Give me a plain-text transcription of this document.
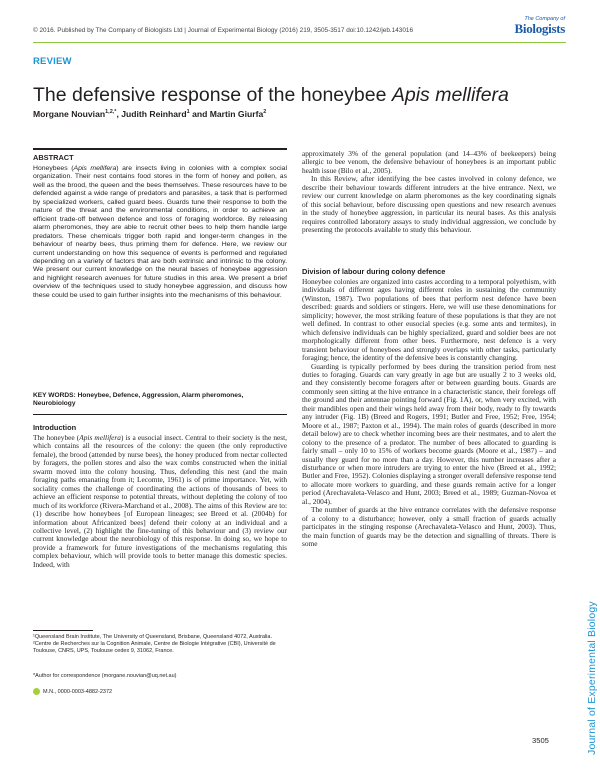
© 2016. Published by The Company of Biologists Ltd | Journal of Experimental Biology (2016) 219, 3505-3517 doi:10.1242/jeb.143016
The Company of
Biologists
REVIEW
The defensive response of the honeybee Apis mellifera
Morgane Nouvian$^{1,2,*}$, Judith Reinhard$^1$ and Martin Giurfa$^2$
ABSTRACT
Honeybees (Apis mellifera) are insects living in colonies with a complex social organization. Their nest contains food stores in the form of honey and pollen, as well as the brood, the queen and the bees themselves. These resources have to be defended against a wide range of predators and parasites, a task that is performed by specialized workers, called guard bees. Guards tune their response to both the nature of the threat and the environmental conditions, in order to achieve an efficient trade-off between defence and loss of foraging workforce. By releasing alarm pheromones, they are able to recruit other bees to help them handle large predators. These chemicals trigger both rapid and longer-term changes in the behaviour of nearby bees, thus priming them for defence. Here, we review our current understanding on how this sequence of events is performed and regulated depending on a variety of factors that are both extrinsic and intrinsic to the colony. We present our current knowledge on the neural bases of honeybee aggression and highlight research avenues for future studies in this area. We present a brief overview of the techniques used to study honeybee aggression, and discuss how these could be used to gain further insights into the mechanisms of this behaviour.
KEY WORDS: Honeybee, Defence, Aggression, Alarm pheromones, Neurobiology
Introduction

The honeybee (Apis mellifera) is a eusocial insect. Central to their society is the nest, which contains all the resources of the colony: the queen (the only reproductive female), the brood (attended by nurse bees), the honey produced from nectar collected by foragers, the pollen stores and also the wax combs constructed when the initial swarm moved into the colony housing. Thus, defending this nest (and the main foraging paths emanating from it; Lecomte, 1961) is of prime importance. Yet, with sociality comes the challenge of coordinating the actions of thousands of bees to achieve an efficient response to potential threats, without depleting the colony of too much of its workforce (Rivera-Marchand et al., 2008). The aims of this Review are to: (1) describe how honeybees [of European lineages; see Breed et al. (2004b) for information about Africanized bees] defend their colony at an individual and a collective level, (2) highlight the fine-tuning of this behaviour and (3) review our current knowledge about the neurobiology of this response. In doing so, we hope to provide a framework for future investigations of the mechanisms regulating this complex behaviour, which will provide tools to better manage this domestic species. Indeed, with

¹Queensland Brain Institute, The University of Queensland, Brisbane, Queensland 4072, Australia. ²Centre de Recherches sur la Cognition Animale, Centre de Biologie Intégrative (CBI), Université de Toulouse, CNRS, UPS, Toulouse cedex 9, 31062, France.
*Author for correspondence (morgane.nouvian@uq.net.au)
M.N., 0000-0003-4882-2372

approximately 3% of the general population (and 14–43% of beekeepers) being allergic to bee venom, the defensive behaviour of honeybees is an important public health issue (Bilo et al., 2005).

In this Review, after identifying the bee castes involved in colony defence, we describe their behaviour towards different intruders at the hive entrance. Next, we review our current knowledge on alarm pheromones as the key coordinating signals of this social behaviour, before discussing open questions and new research avenues in the study of honeybee aggression, in particular its neural bases. As this analysis requires controlled laboratory assays to study individual aggression, we conclude by presenting the protocols available to study this behaviour.

Division of labour during colony defence

Honeybee colonies are organized into castes according to a temporal polyethism, with individuals of different ages having different roles in sustaining the community (Winston, 1987). Two populations of bees that perform nest defence have been described: guards and soldiers or stingers. Here, we will use these denominations for simplicity; however, the most striking feature of these populations is that they are not well defined. In contrast to other eusocial species (e.g. some ants and termites), in which defensive individuals can be highly specialized, guard and soldier bees are not morphologically different from other bees. Furthermore, nest defence is a very transient behaviour of honeybees and strongly overlaps with other tasks, particularly foraging; hence, the identity of the defensive bees is constantly changing.

Guarding is typically performed by bees during the transition period from nest duties to foraging. Guards can vary greatly in age but are usually 2 to 3 weeks old, and they consistently become foragers after or between guarding bouts. Guards are commonly seen sitting at the hive entrance in a characteristic stance, their forelegs off the ground and their antennae pointing forward (Fig. 1A), or, when very excited, with their mandibles open and their wings held away from their body, ready to fly towards any intruder (Fig. 1B) (Breed and Rogers, 1991; Butler and Free, 1952; Free, 1954; Moore et al., 1987; Paxton et al., 1994). The main roles of guards (described in more detail below) are to check whether incoming bees are their nestmates, and to alert the colony to the presence of a predator. The number of bees allocated to guarding is fairly small – only 10 to 15% of workers become guards (Moore et al., 1987) – and usually they guard for no more than a day. However, this number increases after a disturbance or when more intruders are trying to enter the hive (Breed et al., 1992; Butler and Free, 1952). Colonies displaying a stronger overall defensive response tend to allocate more workers to guarding, and these guards remain active for a longer period (Arechavaleta-Velasco and Hunt, 2003; Breed et al., 1989; Guzman-Novoa et al., 2004).

The number of guards at the hive entrance correlates with the defensive response of a colony to a disturbance; however, only a small fraction of guards actually participates in the stinging response (Arechavaleta-Velasco and Hunt, 2003). Thus, the main function of guards may be the detection and signalling of threats. There is some

Journal of Experimental Biology
3505
